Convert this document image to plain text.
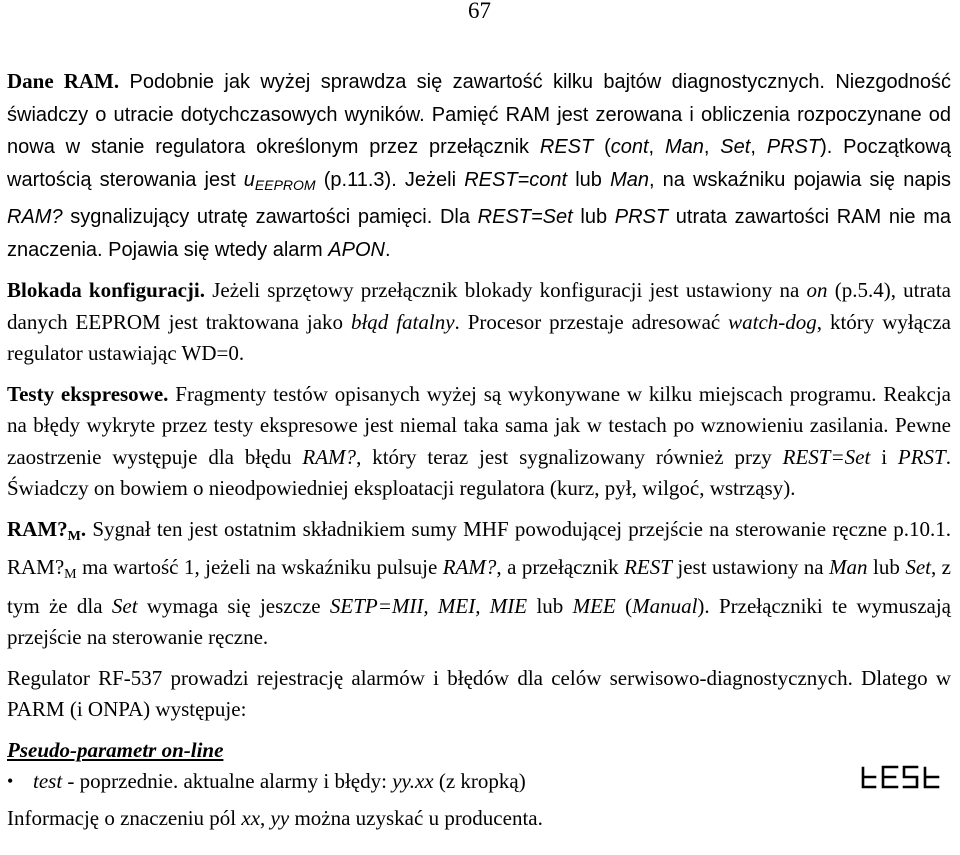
67

Dane RAM. Podobnie jak wyżej sprawdza się zawartość kilku bajtów diagnostycznych. Niezgodność świadczy o utracie dotychczasowych wyników. Pamięć RAM jest zerowana i obliczenia rozpoczynane od nowa w stanie regulatora określonym przez przełącznik REST (cont, Man, Set, PRST). Początkową wartością sterowania jest $u_{EEPROM}$ (p.11.3). Jeżeli REST=cont lub Man, na wskaźniku pojawia się napis RAM? sygnalizujący utratę zawartości pamięci. Dla REST=Set lub PRST utrata zawartości RAM nie ma znaczenia. Pojawia się wtedy alarm APON.

Blokada konfiguracji. Jeżeli sprzętowy przełącznik blokady konfiguracji jest ustawiony na on (p.5.4), utrata danych EEPROM jest traktowana jako błąd fatalny. Procesor przestaje adresować watch-dog, który wyłącza regulator ustawiając WD=0.

Testy ekspresowe. Fragmenty testów opisanych wyżej są wykonywane w kilku miejscach programu. Reakcja na błędy wykryte przez testy ekspresowe jest niemal taka sama jak w testach po wznowieniu zasilania. Pewne zaostrzenie występuje dla błędu RAM?, który teraz jest sygnalizowany również przy REST=Set i PRST. Świadczy on bowiem o nieodpowiedniej eksploatacji regulatora (kurz, pył, wilgoć, wstrząsy).

$RAM?_M$. Sygnał ten jest ostatnim składnikiem sumy MHF powodującej przejście na sterowanie ręczne p.10.1. $RAM?_M$ ma wartość 1, jeżeli na wskaźniku pulsuje RAM?, a przełącznik REST jest ustawiony na Man lub Set, z tym że dla Set wymaga się jeszcze SETP=MII, MEI, MIE lub MEE (Manual). Przełączniki te wymuszają przejście na sterowanie ręczne.

Regulator RF-537 prowadzi rejestrację alarmów i błędów dla celów serwisowo-diagnostycznych. Dlatego w PARM (i ONPA) występuje:

Pseudo-parametr on-line
• test - poprzednie. aktualne alarmy i błędy: yy.xx (z kropką)
Informację o znaczeniu pól xx, yy można uzyskać u producenta.
